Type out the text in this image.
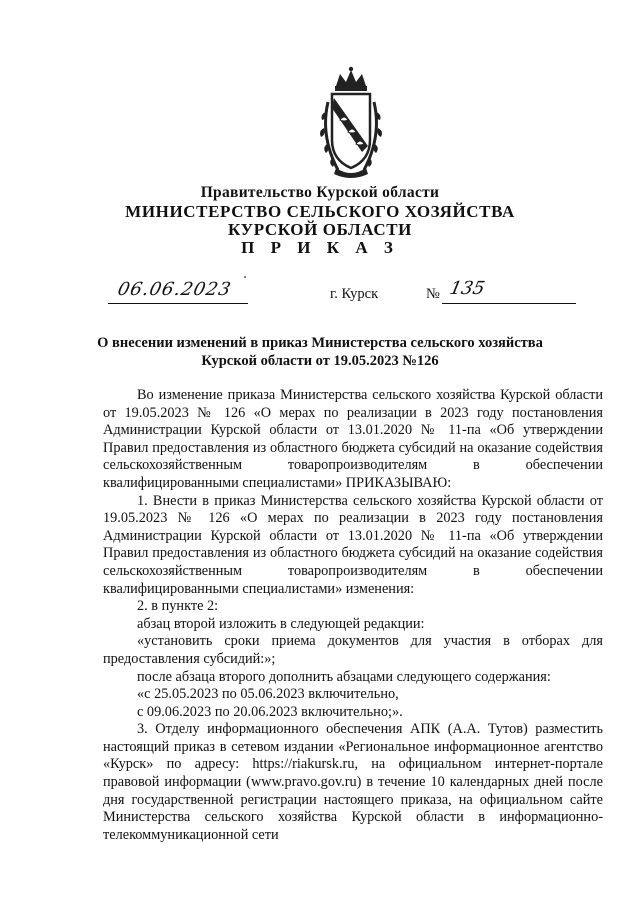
Правительство Курской области
МИНИСТЕРСТВО СЕЛЬСКОГО ХОЗЯЙСТВА
КУРСКОЙ ОБЛАСТИ
П Р И К А З
06.06.2023	г. Курск	№ 135
О внесении изменений в приказ Министерства сельского хозяйства
Курской области от 19.05.2023 №126

Во изменение приказа Министерства сельского хозяйства Курской области от 19.05.2023 № 126 «О мерах по реализации в 2023 году постановления Администрации Курской области от 13.01.2020 № 11-па «Об утверждении Правил предоставления из областного бюджета субсидий на оказание содействия сельскохозяйственным товаропроизводителям в обеспечении квалифицированными специалистами» ПРИКАЗЫВАЮ:

1. Внести в приказ Министерства сельского хозяйства Курской области от 19.05.2023 № 126 «О мерах по реализации в 2023 году постановления Администрации Курской области от 13.01.2020 № 11-па «Об утверждении Правил предоставления из областного бюджета субсидий на оказание содействия сельскохозяйственным товаропроизводителям в обеспечении квалифицированными специалистами» изменения:

2. в пункте 2:

абзац второй изложить в следующей редакции:

«установить сроки приема документов для участия в отборах для предоставления субсидий:»;

после абзаца второго дополнить абзацами следующего содержания:

«с 25.05.2023 по 05.06.2023 включительно,

с 09.06.2023 по 20.06.2023 включительно;».

3. Отделу информационного обеспечения АПК (А.А. Тутов) разместить настоящий приказ в сетевом издании «Региональное информационное агентство «Курск» по адресу: https://riakursk.ru, на официальном интернет-портале правовой информации (www.pravo.gov.ru) в течение 10 календарных дней после дня государственной регистрации настоящего приказа, на официальном сайте Министерства сельского хозяйства Курской области в информационно-телекоммуникационной сети
